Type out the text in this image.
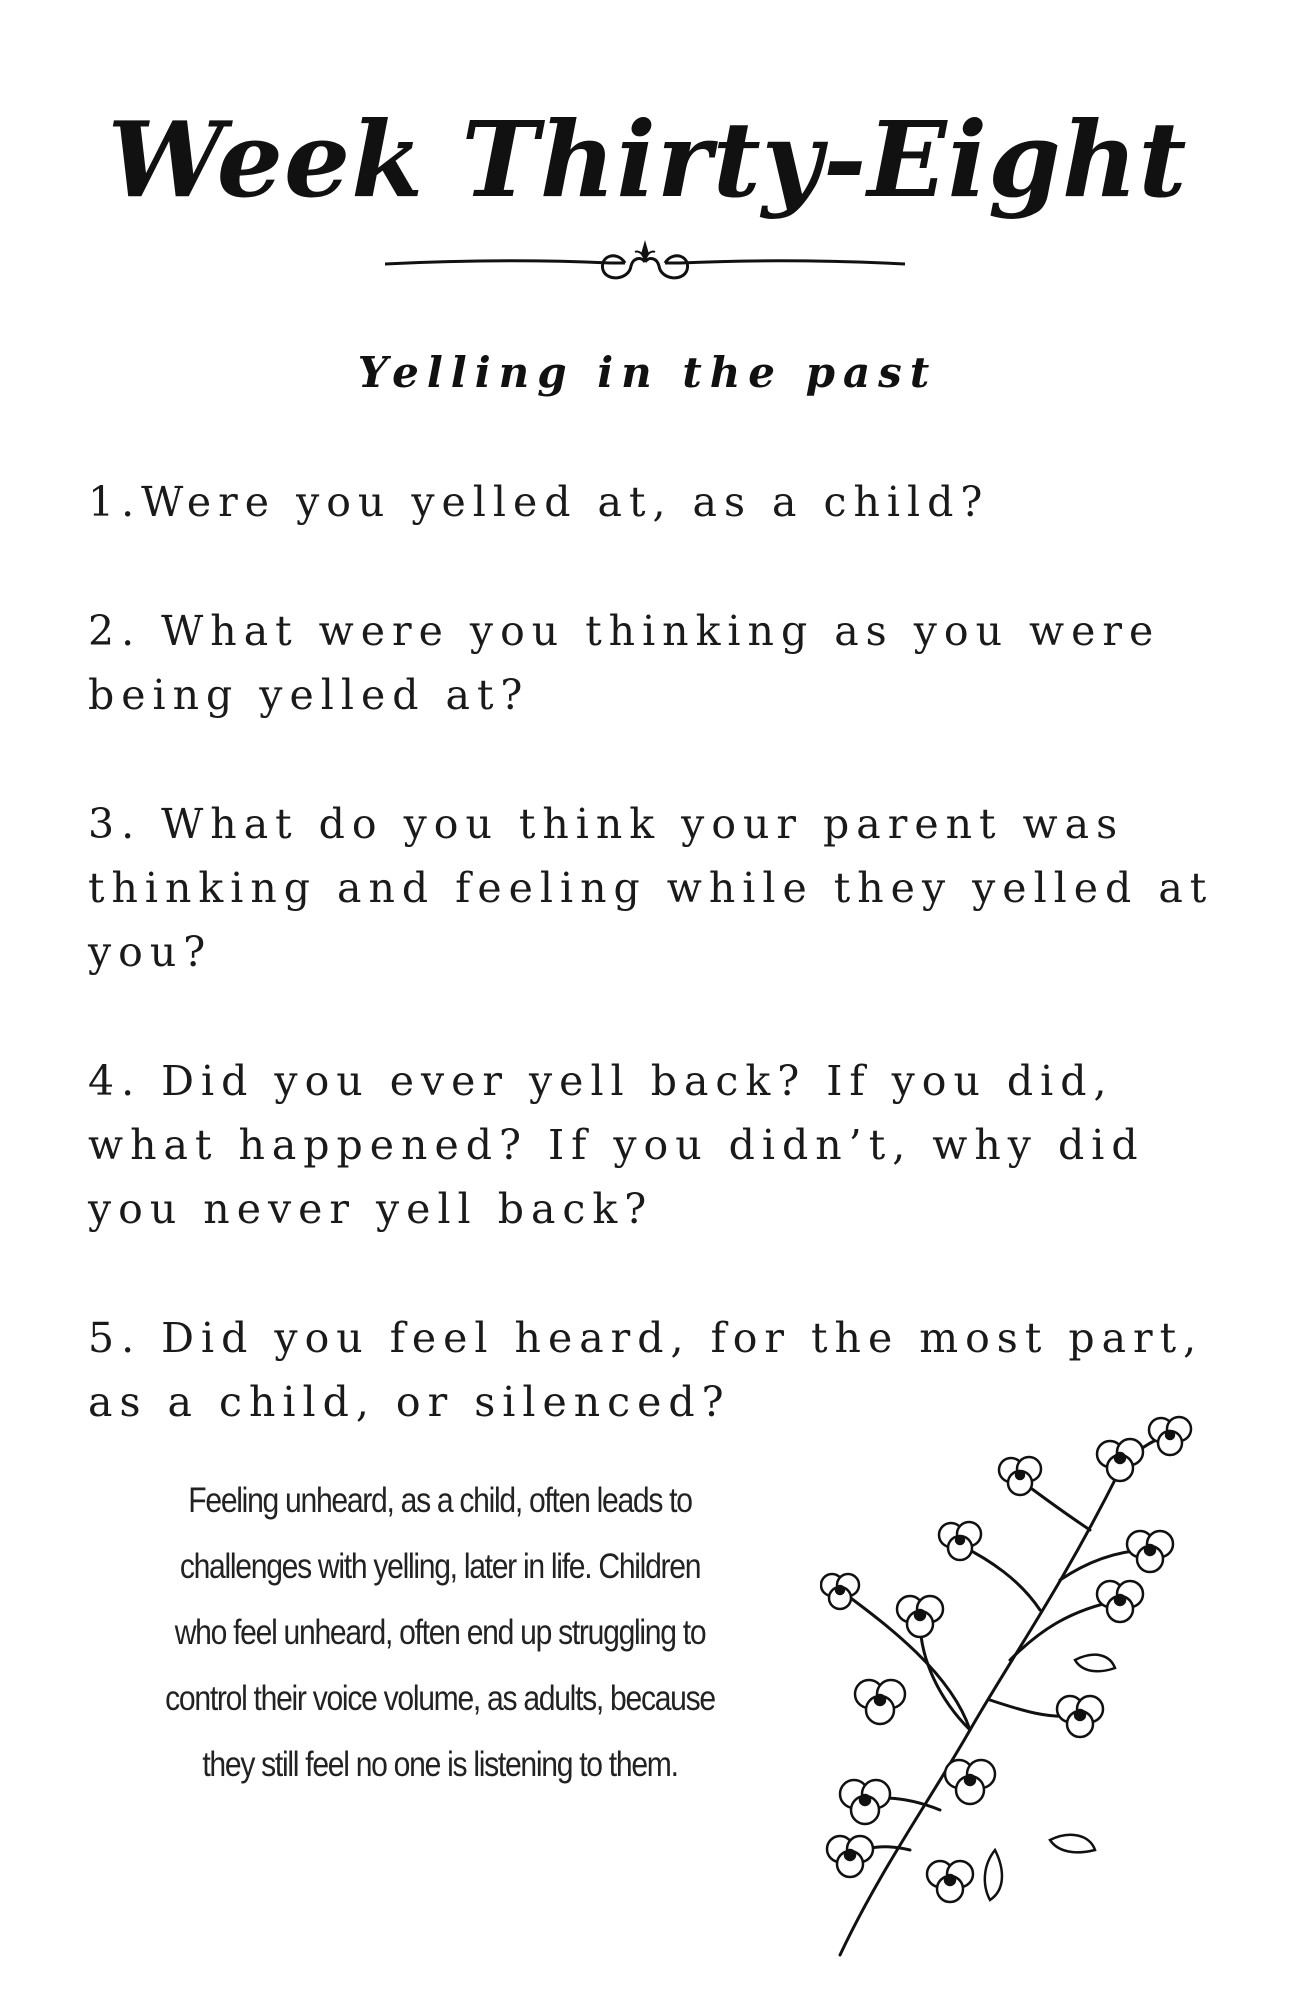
Week Thirty-Eight
Yelling in the past

1.Were you yelled at, as a child?

2. What were you thinking as you were being yelled at?

3. What do you think your parent was thinking and feeling while they yelled at you?

4. Did you ever yell back? If you did, what happened? If you didn’t, why did you never yell back?

5. Did you feel heard, for the most part, as a child, or silenced?

Feeling unheard, as a child, often leads to
challenges with yelling, later in life. Children
who feel unheard, often end up struggling to
control their voice volume, as adults, because
they still feel no one is listening to them.
